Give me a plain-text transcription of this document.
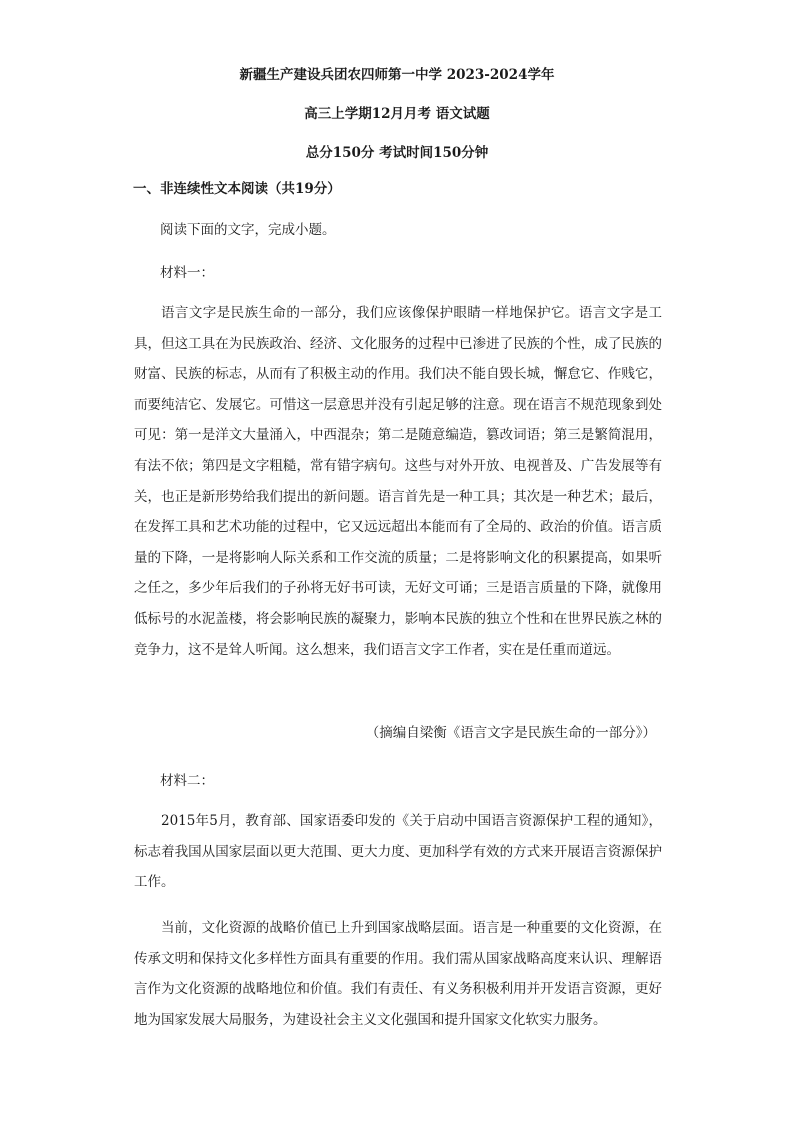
新疆生产建设兵团农四师第一中学 2023-2024学年
高三上学期12月月考 语文试题
总分150分 考试时间150分钟
一、非连续性文本阅读（共19分）
阅读下面的文字，完成小题。
材料一：
语言文字是民族生命的一部分，我们应该像保护眼睛一样地保护它。语言文字是工具，但这工具在为民族政治、经济、文化服务的过程中已渗进了民族的个性，成了民族的财富、民族的标志，从而有了积极主动的作用。我们决不能自毁长城，懈怠它、作贱它，而要纯洁它、发展它。可惜这一层意思并没有引起足够的注意。现在语言不规范现象到处可见：第一是洋文大量涌入，中西混杂；第二是随意编造，篡改词语；第三是繁简混用，有法不依；第四是文字粗糙，常有错字病句。这些与对外开放、电视普及、广告发展等有关，也正是新形势给我们提出的新问题。语言首先是一种工具；其次是一种艺术；最后，在发挥工具和艺术功能的过程中，它又远远超出本能而有了全局的、政治的价值。语言质量的下降，一是将影响人际关系和工作交流的质量；二是将影响文化的积累提高，如果听之任之，多少年后我们的子孙将无好书可读，无好文可诵；三是语言质量的下降，就像用低标号的水泥盖楼，将会影响民族的凝聚力，影响本民族的独立个性和在世界民族之林的竞争力，这不是耸人听闻。这么想来，我们语言文字工作者，实在是任重而道远。
（摘编自梁衡《语言文字是民族生命的一部分》）
材料二：
2015年5月，教育部、国家语委印发的《关于启动中国语言资源保护工程的通知》，标志着我国从国家层面以更大范围、更大力度、更加科学有效的方式来开展语言资源保护工作。
当前，文化资源的战略价值已上升到国家战略层面。语言是一种重要的文化资源，在传承文明和保持文化多样性方面具有重要的作用。我们需从国家战略高度来认识、理解语言作为文化资源的战略地位和价值。我们有责任、有义务积极利用并开发语言资源，更好地为国家发展大局服务，为建设社会主义文化强国和提升国家文化软实力服务。
